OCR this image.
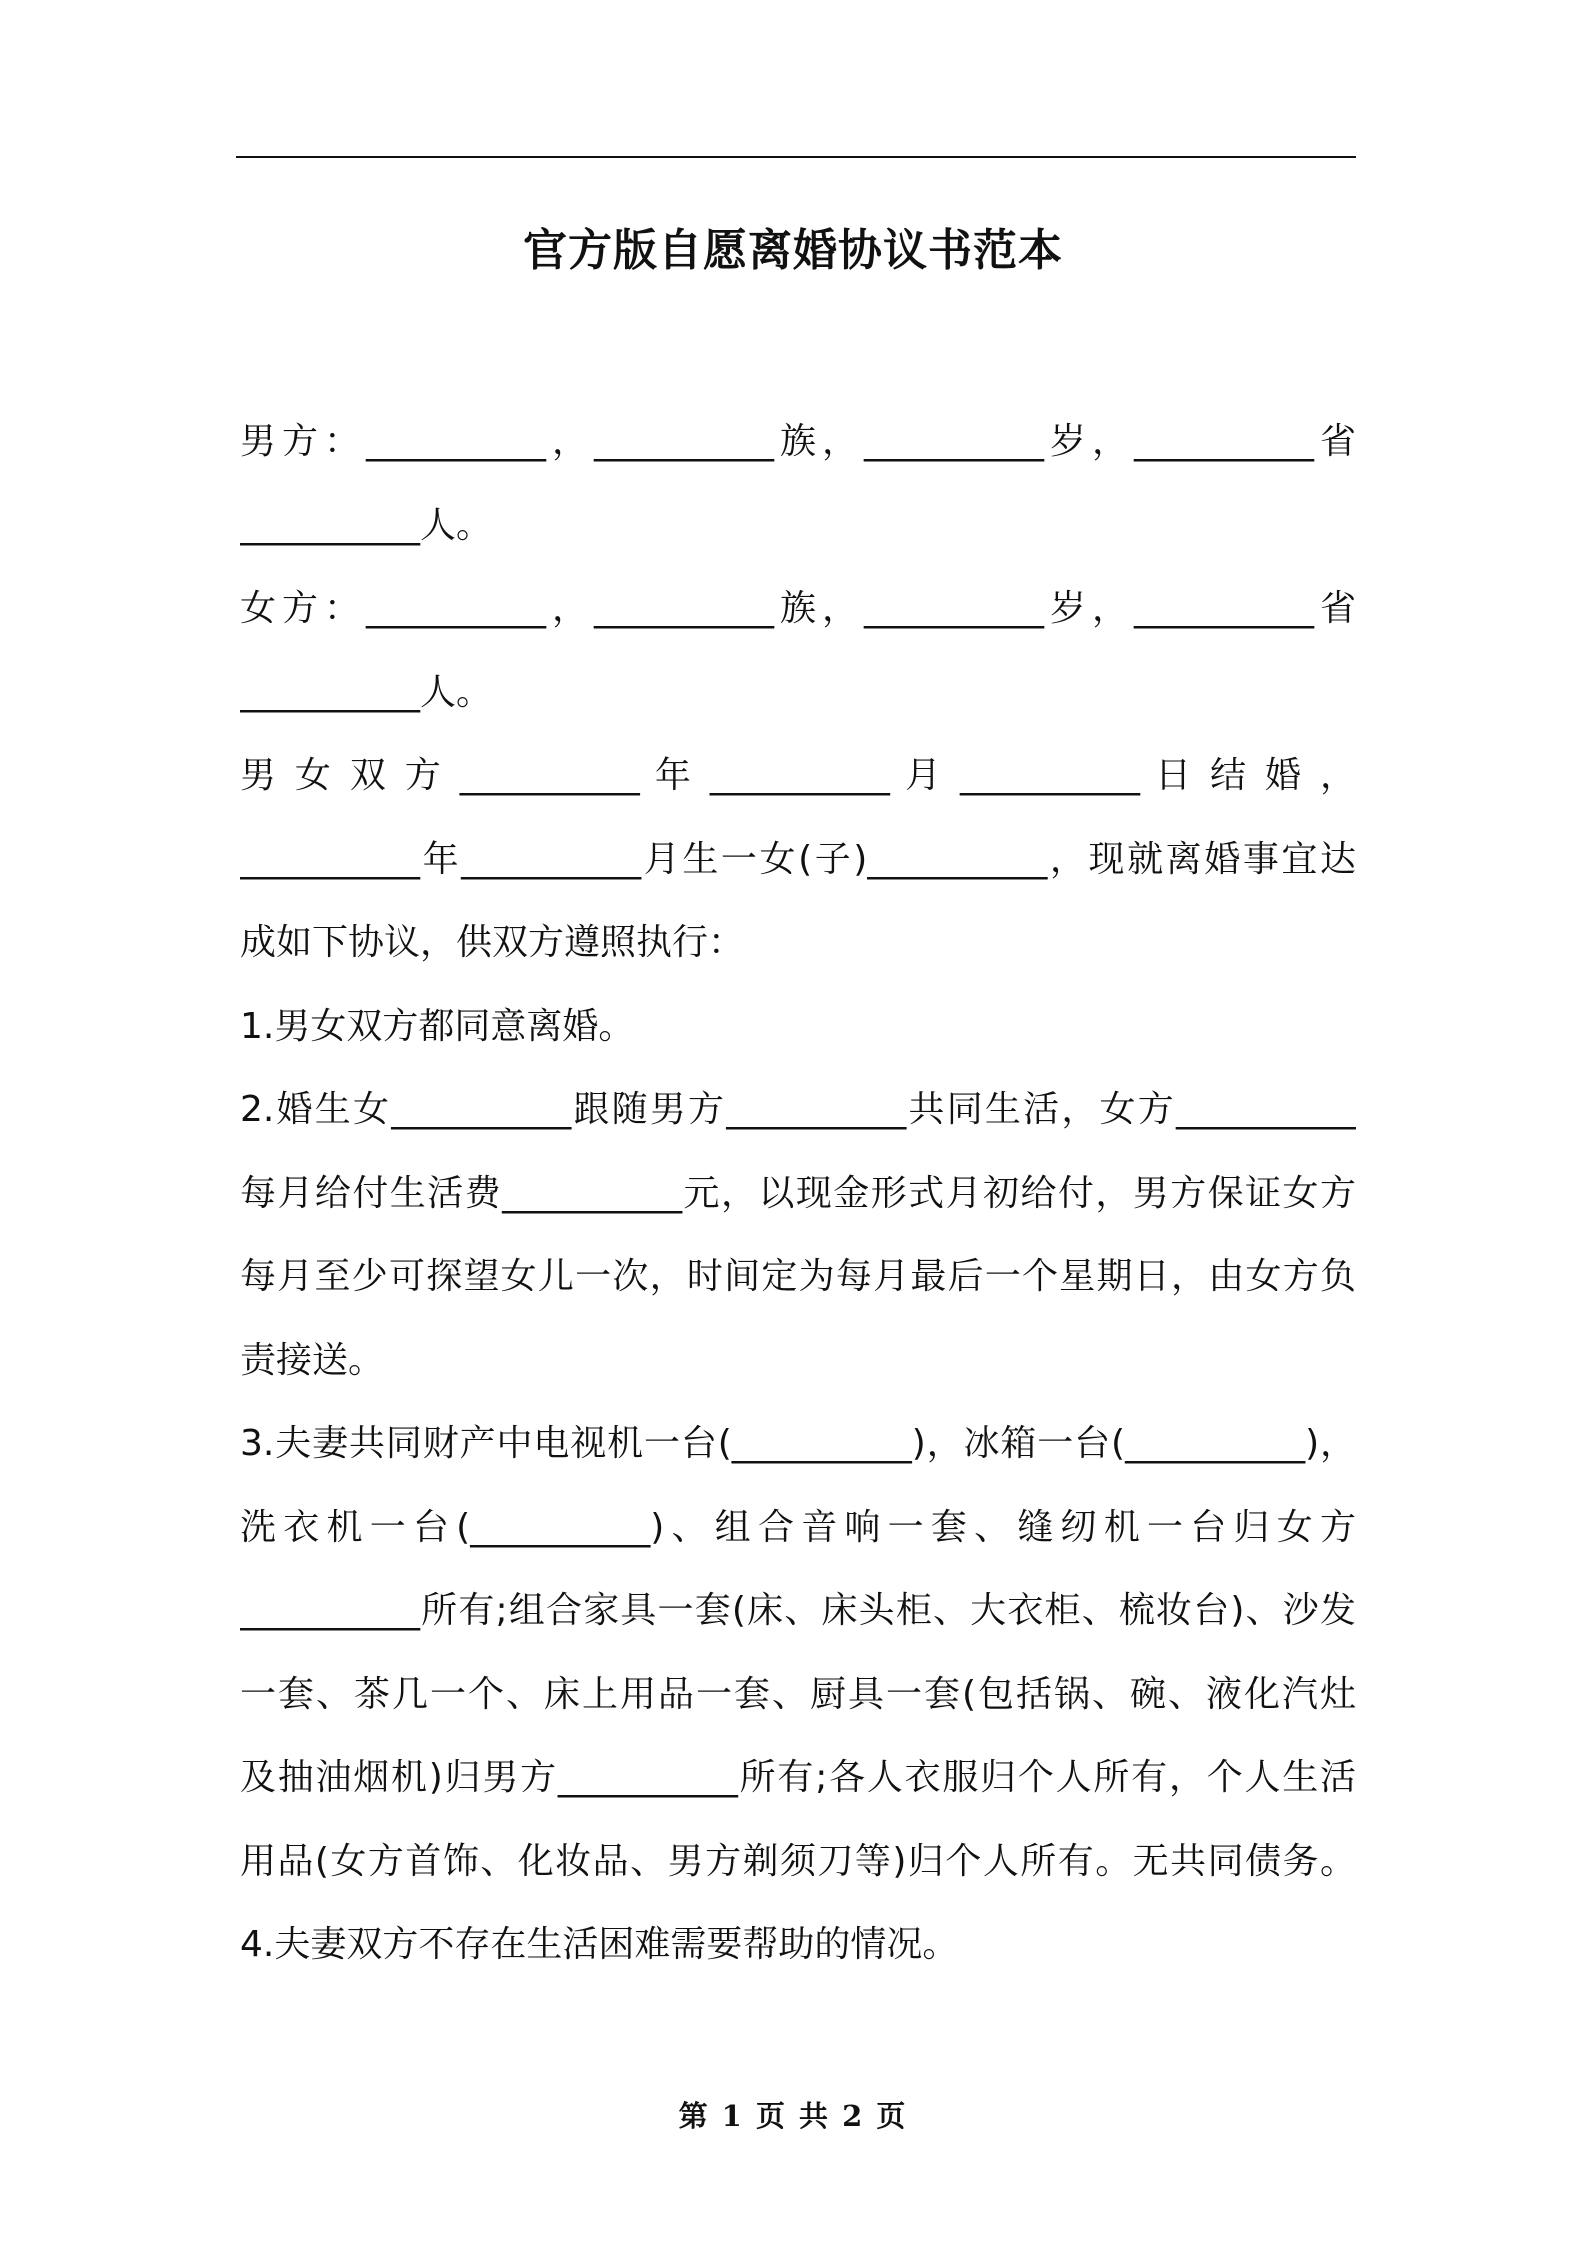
官方版自愿离婚协议书范本
男方：__________，__________族，__________岁，__________省
__________人。
女方：__________，__________族，__________岁，__________省
__________人。
男 女 双 方 __________ 年 __________ 月 __________ 日 结 婚 ，
__________年__________月生一女(子)__________，现就离婚事宜达
成如下协议，供双方遵照执行：
1.男女双方都同意离婚。
2.婚生女__________跟随男方__________共同生活，女方__________
每月给付生活费__________元，以现金形式月初给付，男方保证女方
每月至少可探望女儿一次，时间定为每月最后一个星期日，由女方负
责接送。
3.夫妻共同财产中电视机一台(__________)，冰箱一台(__________)，
洗衣机一台(__________)、组合音响一套、缝纫机一台归女方
__________所有;组合家具一套(床、床头柜、大衣柜、梳妆台)、沙发
一套、茶几一个、床上用品一套、厨具一套(包括锅、碗、液化汽灶
及抽油烟机)归男方__________所有;各人衣服归个人所有，个人生活
用品(女方首饰、化妆品、男方剃须刀等)归个人所有。无共同债务。
4.夫妻双方不存在生活困难需要帮助的情况。
第 1 页 共 2 页
